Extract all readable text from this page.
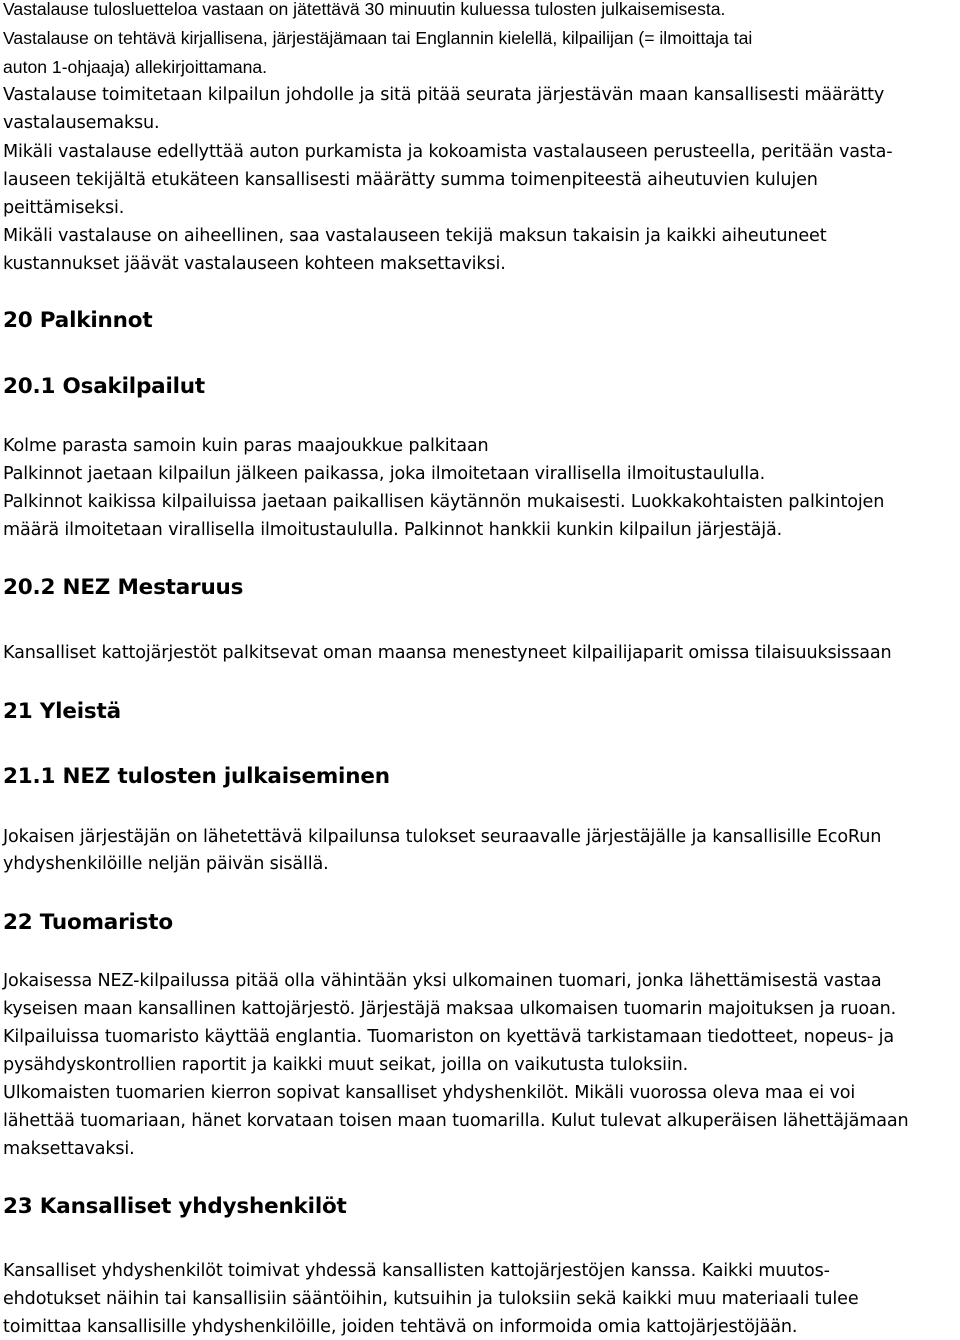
Vastalause tulosluetteloa vastaan on jätettävä 30 minuutin kuluessa tulosten julkaisemisesta.
Vastalause on tehtävä kirjallisena, järjestäjämaan tai Englannin kielellä, kilpailijan (= ilmoittaja tai
auton 1-ohjaaja) allekirjoittamana.
Vastalause toimitetaan kilpailun johdolle ja sitä pitää seurata järjestävän maan kansallisesti määrätty
vastalausemaksu.
Mikäli vastalause edellyttää auton purkamista ja kokoamista vastalauseen perusteella, peritään vasta-
lauseen tekijältä etukäteen kansallisesti määrätty summa toimenpiteestä aiheutuvien kulujen
peittämiseksi.
Mikäli vastalause on aiheellinen, saa vastalauseen tekijä maksun takaisin ja kaikki aiheutuneet
kustannukset jäävät vastalauseen kohteen maksettaviksi.
20 Palkinnot
20.1 Osakilpailut
Kolme parasta samoin kuin paras maajoukkue palkitaan
Palkinnot jaetaan kilpailun jälkeen paikassa, joka ilmoitetaan virallisella ilmoitustaululla.
Palkinnot kaikissa kilpailuissa jaetaan paikallisen käytännön mukaisesti. Luokkakohtaisten palkintojen
määrä ilmoitetaan virallisella ilmoitustaululla. Palkinnot hankkii kunkin kilpailun järjestäjä.
20.2 NEZ Mestaruus
Kansalliset kattojärjestöt palkitsevat oman maansa menestyneet kilpailijaparit omissa tilaisuuksissaan
21 Yleistä
21.1 NEZ tulosten julkaiseminen
Jokaisen järjestäjän on lähetettävä kilpailunsa tulokset seuraavalle järjestäjälle ja kansallisille EcoRun
yhdyshenkilöille neljän päivän sisällä.
22 Tuomaristo
Jokaisessa NEZ-kilpailussa pitää olla vähintään yksi ulkomainen tuomari, jonka lähettämisestä vastaa
kyseisen maan kansallinen kattojärjestö. Järjestäjä maksaa ulkomaisen tuomarin majoituksen ja ruoan.
Kilpailuissa tuomaristo käyttää englantia. Tuomariston on kyettävä tarkistamaan tiedotteet, nopeus- ja
pysähdyskontrollien raportit ja kaikki muut seikat, joilla on vaikutusta tuloksiin.
Ulkomaisten tuomarien kierron sopivat kansalliset yhdyshenkilöt. Mikäli vuorossa oleva maa ei voi
lähettää tuomariaan, hänet korvataan toisen maan tuomarilla. Kulut tulevat alkuperäisen lähettäjämaan
maksettavaksi.
23 Kansalliset yhdyshenkilöt
Kansalliset yhdyshenkilöt toimivat yhdessä kansallisten kattojärjestöjen kanssa. Kaikki muutos-
ehdotukset näihin tai kansallisiin sääntöihin, kutsuihin ja tuloksiin sekä kaikki muu materiaali tulee
toimittaa kansallisille yhdyshenkilöille, joiden tehtävä on informoida omia kattojärjestöjään.
